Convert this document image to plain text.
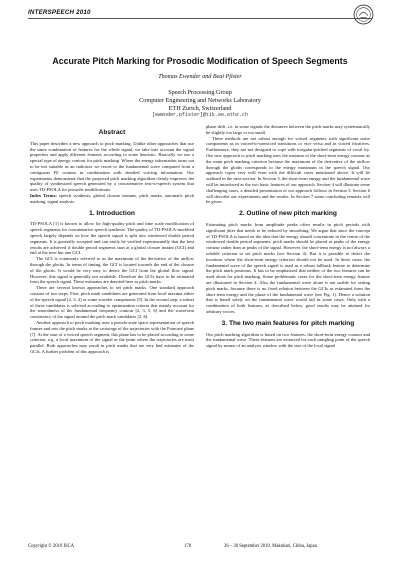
INTERSPEECH 2010
Accurate Pitch Marking for Prosodic Modification of Speech Segments
Thomas Ewender and Beat Pfister
Speech Processing Group
Computer Engineering and Networks Laboratory
ETH Zurich, Switzerland
[ewender,pfister]@tik.ee.ethz.ch
Abstract

This paper describes a new approach to pitch marking. Unlike other approaches that use the same combination of features for the whole signal, we take into account the signal properties and apply different features according to some heuristic. Basically we use a special type of energy contour for pitch marking. Where the energy information turns out to be not suitable as an indicator we resort to the fundamental wave computed from a contiguous F0 contour in combination with detailed voicing information. Our experiments demonstrate that the proposed pitch marking algorithm clearly improves the quality of synthesized speech generated by a concatenative text-to-speech system that uses TD-PSOLA for prosodic modifications.

Index Terms: speech synthesis, glottal closure instants, pitch marks, automatic pitch marking, signal analysis.

1. Introduction

TD-PSOLA [1] is known to allow for high-quality pitch and time scale modification of speech segments for concatenative speech synthesis. The quality of TD-PSOLA-modified speech largely depends on how the speech signal is split into windowed double period segments. It is generally accepted and can easily be verified experimentally that the best results are achieved if double period segments start at a glottal closure instant (GCI) and end at the next but one GCI.

The GCI is commonly referred to as the maximum of the derivative of the airflow through the glottis. In terms of timing, the GCI is located towards the end of the closure of the glottis. It would be very easy to detect the GCI from the glottal flow signal. However, this signal is generally not available. Therefore the GCIs have to be estimated from the speech signal. These estimates are denoted here as pitch marks.

There are several known approaches to set pitch marks. One standard approach consists of two steps. First, pitch mark candidates are generated from local maxima either of the speech signal [2, 3, 4] or some wavelet components [5]. In the second step, a subset of these candidates is selected according to optimization criteria that mainly account for the smoothness of the fundamental frequency contour [2, 3, 5, 6] and the waveform consistency of the signal around the pitch mark candidates [2, 6].

Another approach to pitch marking uses a pseudo-state space representation of speech frames and sets the pitch marks at the crossings of the trajectories with the Poincaré plane [7]. At the start of a voiced speech segment, this plane has to be placed according to some criterion, e.g. a local maximum of the signal or the point where the trajectories are most parallel. Both approaches may result in pitch marks that are very bad estimates of the GCIs. A further problem of this approach is

phase drift, i.e. in some signals the distances between the pitch marks may systematically be slightly too large or too small.

These methods are not robust enough for voiced segments with significant noise components as in voiced-to-unvoiced transitions or vice versa and in voiced fricatives. Furthermore, they are not designed to cope with irregular-pitched segments of vocal fry. Our new approach to pitch marking uses the maxima of the short-term energy contour as the main pitch marking criterion because the maximum of the derivative of the airflow through the glottis corresponds to the energy maximum in the speech signal. Our approach copes very well even with the difficult cases mentioned above. It will be outlined in the next section. In Section 3, the short-term energy and the fundamental wave will be introduced as the two basic features of our approach. Section 4 will illustrate some challenging cases, a detailed presentation of our approach follows in Section 5. Section 6 will describe our experiments and the results. In Section 7 some concluding remarks will be given.

2. Outline of new pitch marking

Estimating pitch marks from amplitude peaks often results in pitch periods with significant jitter that needs to be reduced by smoothing. We argue that since the concept of TD-PSOLA is based on the idea that the energy should concentrate in the centre of the windowed double period segments, pitch marks should be placed at peaks of the energy contour rather than at peaks of the signal. However, the short-term energy is not always a reliable criterion to set pitch marks (see Section 4). But it is possible to detect the locations where the short-term energy criterion should not be used. In these cases, the fundamental wave of the speech signal is used as a robust fallback feature to determine the pitch mark positions. It has to be emphasised that neither of the two features can be used alone for pitch marking. Some problematic cases for the short-term energy feature are illustrated in Section 4. Also the fundamental wave alone is not usable for setting pitch marks, because there is no fixed relation between the GCIs as estimated from the short-term energy and the phase of the fundamental wave (see Fig. 1). Hence a solution that is based solely on the fundamental wave would fail in some cases. Only with a combination of both features, as described below, good results may be attained for arbitrary voices.

3. The two main features for pitch marking

Our pitch marking algorithm is based on two features: the short-term energy contour and the fundamental wave. These features are extracted for each sampling point of the speech signal by means of an analysis window with the size of the local signal

Copyright © 2010 ISCA	178	26 – 30 September 2010, Makuhari, Chiba, Japan
